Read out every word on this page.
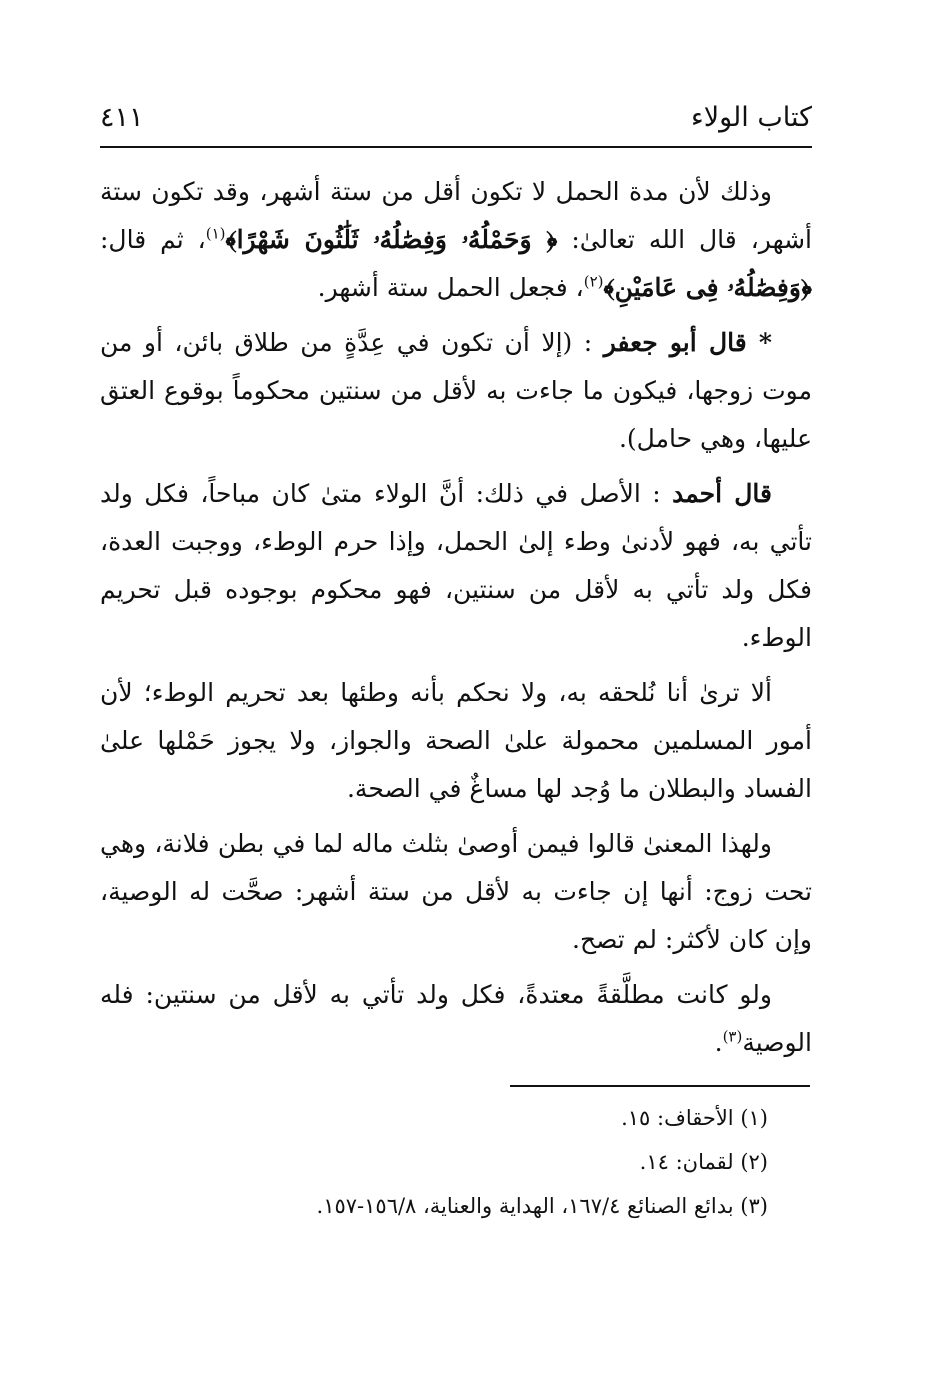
كتاب الولاء
٤١١

وذلك لأن مدة الحمل لا تكون أقل من ستة أشهر، وقد تكون ستة أشهر، قال الله تعالىٰ: ﴿ وَحَمْلُهُۥ وَفِصَٰلُهُۥ ثَلَٰثُونَ شَهْرًا﴾$^{(١)}$، ثم قال: ﴿وَفِصَٰلُهُۥ فِى عَامَيْنِ﴾$^{(٢)}$، فجعل الحمل ستة أشهر.

* قال أبو جعفر : (إلا أن تكون في عِدَّةٍ من طلاق بائن، أو من موت زوجها، فيكون ما جاءت به لأقل من سنتين محكوماً بوقوع العتق عليها، وهي حامل).

قال أحمد : الأصل في ذلك: أنَّ الولاء متىٰ كان مباحاً، فكل ولد تأتي به، فهو لأدنىٰ وطء إلىٰ الحمل، وإذا حرم الوطء، ووجبت العدة، فكل ولد تأتي به لأقل من سنتين، فهو محكوم بوجوده قبل تحريم الوطء.

ألا ترىٰ أنا نُلحقه به، ولا نحكم بأنه وطئها بعد تحريم الوطء؛ لأن أمور المسلمين محمولة علىٰ الصحة والجواز، ولا يجوز حَمْلها علىٰ الفساد والبطلان ما وُجد لها مساغٌ في الصحة.

ولهذا المعنىٰ قالوا فيمن أوصىٰ بثلث ماله لما في بطن فلانة، وهي تحت زوج: أنها إن جاءت به لأقل من ستة أشهر: صحَّت له الوصية، وإن كان لأكثر: لم تصح.

ولو كانت مطلَّقةً معتدةً، فكل ولد تأتي به لأقل من سنتين: فله الوصية$^{(٣)}$.

(١) الأحقاف: ١٥.
(٢) لقمان: ١٤.
(٣) بدائع الصنائع ١٦٧/٤، الهداية والعناية، ١٥٦/٨-١٥٧.
